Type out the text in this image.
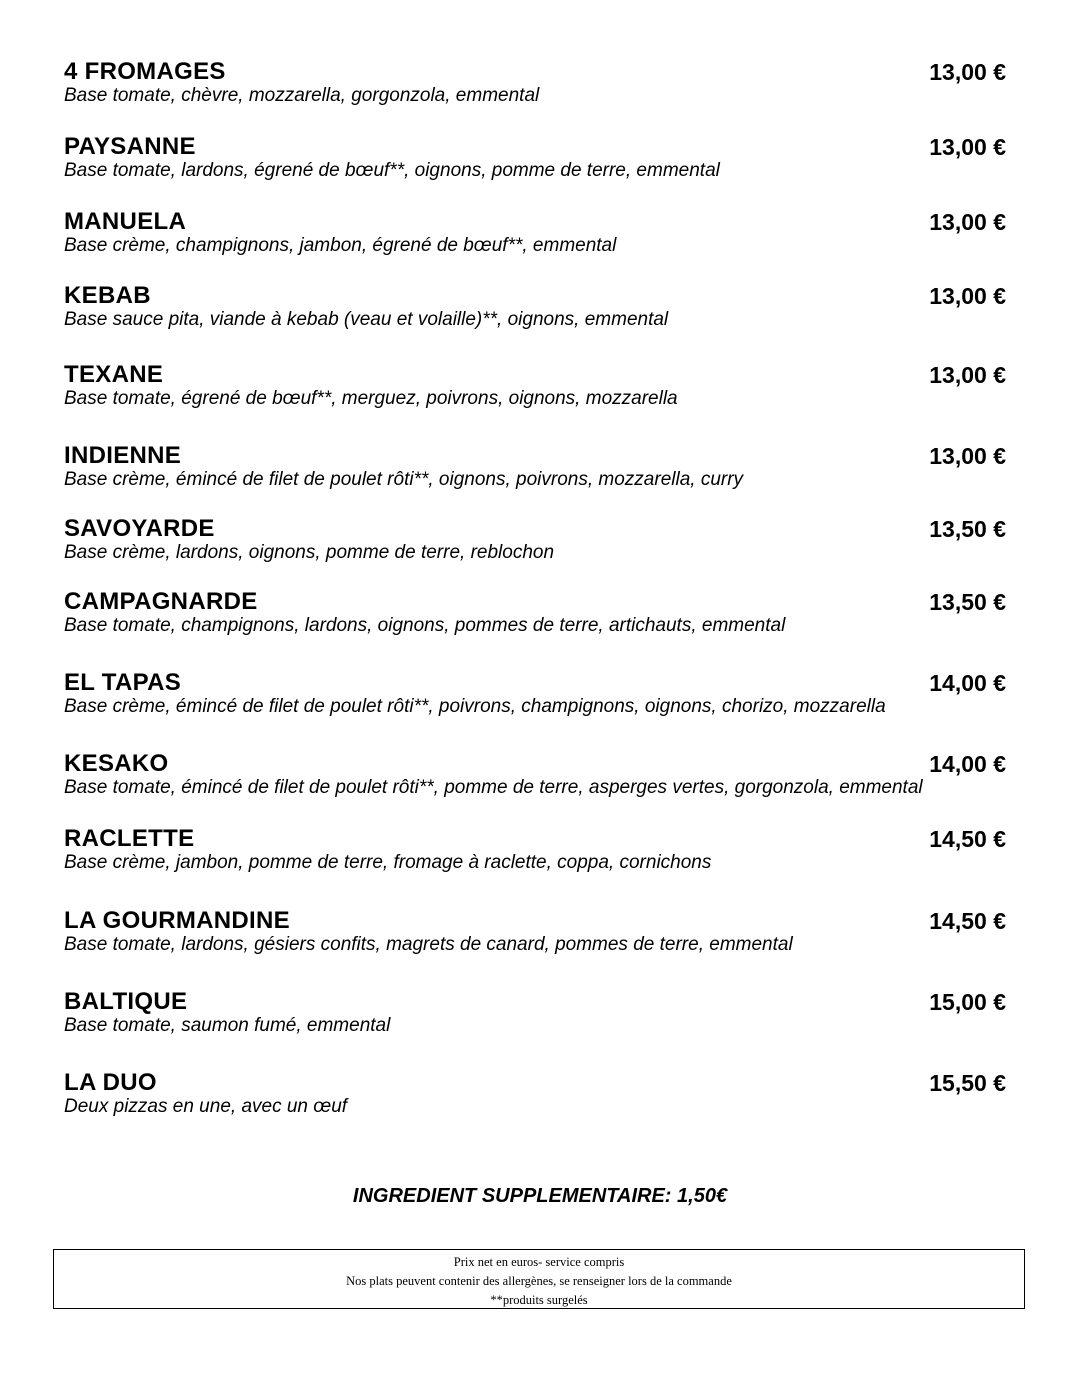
4 FROMAGES	13,00 €
Base tomate, chèvre, mozzarella, gorgonzola, emmental
PAYSANNE	13,00 €
Base tomate, lardons, égrené de bœuf**, oignons, pomme de terre, emmental
MANUELA	13,00 €
Base crème, champignons, jambon, égrené de bœuf**, emmental
KEBAB	13,00 €
Base sauce pita, viande à kebab (veau et volaille)**, oignons, emmental
TEXANE	13,00 €
Base tomate, égrené de bœuf**, merguez, poivrons, oignons, mozzarella
INDIENNE	13,00 €
Base crème, émincé de filet de poulet rôti**, oignons, poivrons, mozzarella, curry
SAVOYARDE	13,50 €
Base crème, lardons, oignons, pomme de terre, reblochon
CAMPAGNARDE	13,50 €
Base tomate, champignons, lardons, oignons, pommes de terre, artichauts, emmental
EL TAPAS	14,00 €
Base crème, émincé de filet de poulet rôti**, poivrons, champignons, oignons, chorizo, mozzarella
KESAKO	14,00 €
Base tomate, émincé de filet de poulet rôti**, pomme de terre, asperges vertes, gorgonzola, emmental
RACLETTE	14,50 €
Base crème, jambon, pomme de terre, fromage à raclette, coppa, cornichons
LA GOURMANDINE	14,50 €
Base tomate, lardons, gésiers confits, magrets de canard, pommes de terre, emmental
BALTIQUE	15,00 €
Base tomate, saumon fumé, emmental
LA DUO	15,50 €
Deux pizzas en une, avec un œuf
INGREDIENT SUPPLEMENTAIRE: 1,50€
Prix net en euros- service compris
Nos plats peuvent contenir des allergènes, se renseigner lors de la commande
**produits surgelés
